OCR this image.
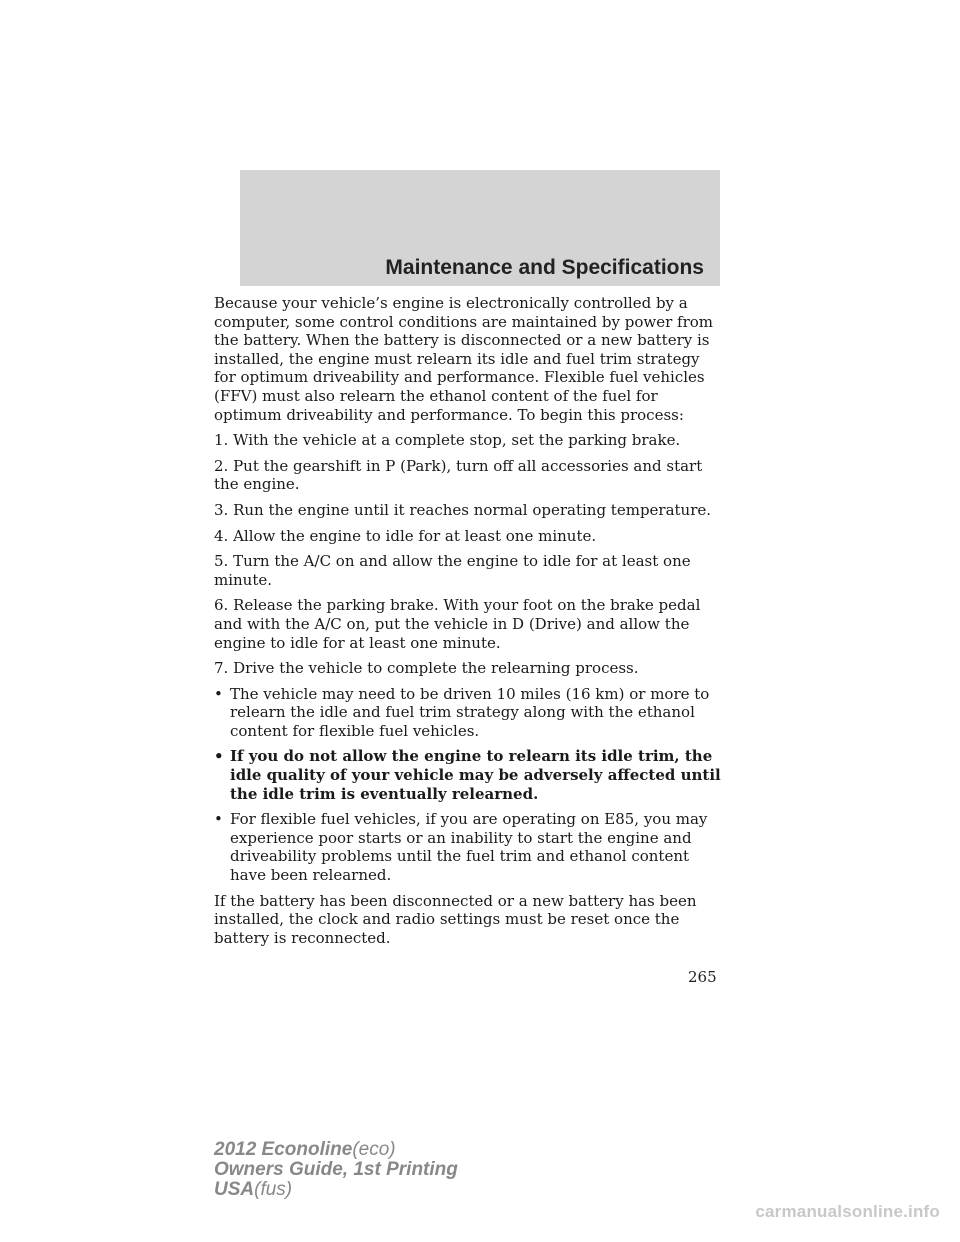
Maintenance and Specifications

Because your vehicle’s engine is electronically controlled by a computer, some control conditions are maintained by power from the battery. When the battery is disconnected or a new battery is installed, the engine must relearn its idle and fuel trim strategy for optimum driveability and performance. Flexible fuel vehicles (FFV) must also relearn the ethanol content of the fuel for optimum driveability and performance. To begin this process:

1. With the vehicle at a complete stop, set the parking brake.

2. Put the gearshift in P (Park), turn off all accessories and start the engine.

3. Run the engine until it reaches normal operating temperature.

4. Allow the engine to idle for at least one minute.

5. Turn the A/C on and allow the engine to idle for at least one minute.

6. Release the parking brake. With your foot on the brake pedal and with the A/C on, put the vehicle in D (Drive) and allow the engine to idle for at least one minute.

7. Drive the vehicle to complete the relearning process.

• The vehicle may need to be driven 10 miles (16 km) or more to relearn the idle and fuel trim strategy along with the ethanol content for flexible fuel vehicles.
• If you do not allow the engine to relearn its idle trim, the idle quality of your vehicle may be adversely affected until the idle trim is eventually relearned.
• For flexible fuel vehicles, if you are operating on E85, you may experience poor starts or an inability to start the engine and driveability problems until the fuel trim and ethanol content have been relearned.

If the battery has been disconnected or a new battery has been installed, the clock and radio settings must be reset once the battery is reconnected.

265
2012 Econoline(eco)
Owners Guide, 1st Printing
USA(fus)
carmanualsonline.info
